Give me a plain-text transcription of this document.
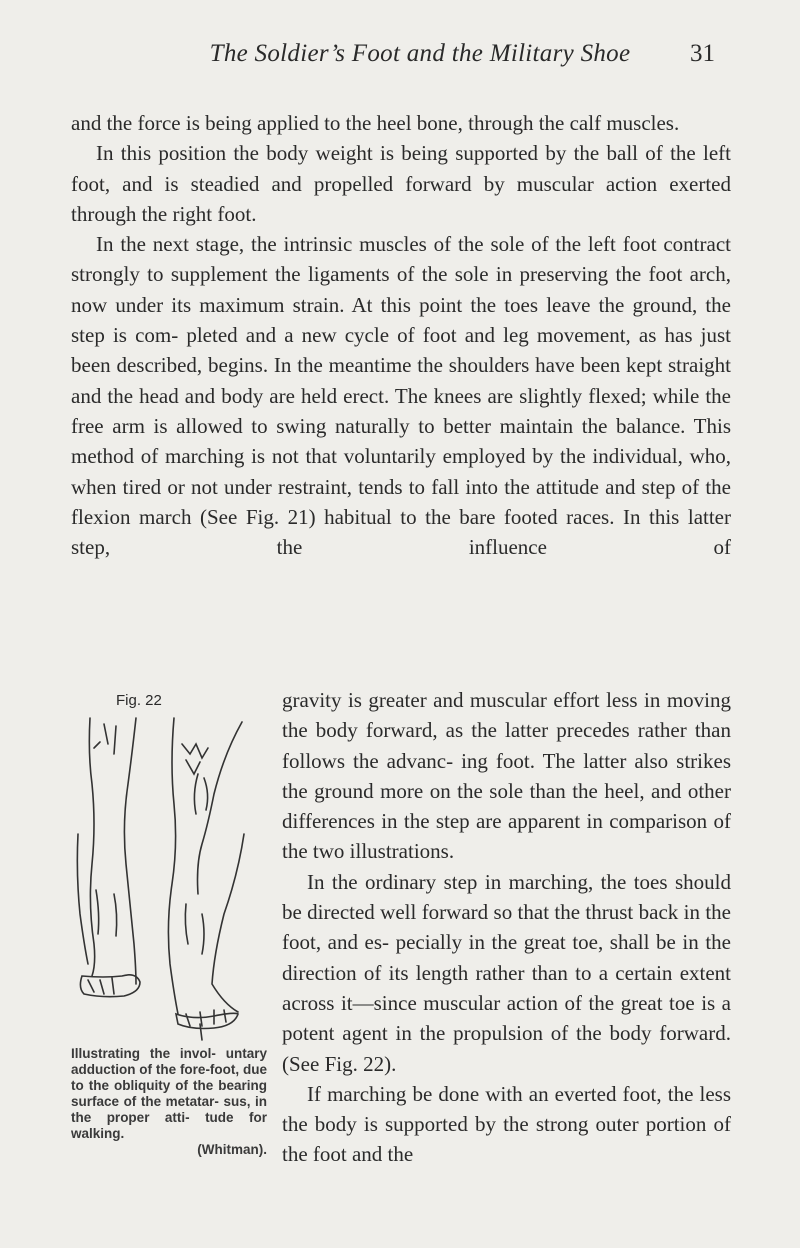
The Soldier’s Foot and the Military Shoe	31

and the force is being applied to the heel bone, through the calf muscles.

In this position the body weight is being supported by the ball of the left foot, and is steadied and propelled forward by muscular action exerted through the right foot.

In the next stage, the intrinsic muscles of the sole of the left foot contract strongly to supplement the ligaments of the sole in preserving the foot arch, now under its maximum strain. At this point the toes leave the ground, the step is com- pleted and a new cycle of foot and leg movement, as has just been described, begins. In the meantime the shoulders have been kept straight and the head and body are held erect. The knees are slightly flexed; while the free arm is allowed to swing naturally to better maintain the balance. This method of marching is not that voluntarily employed by the individual, who, when tired or not under restraint, tends to fall into the attitude and step of the flexion march (See Fig. 21) habitual to the bare footed races. In this latter step, the influence of

Fig. 22
Illustrating the invol- untary adduction of the fore-foot, due to the obliquity of the bearing surface of the metatar- sus, in the proper atti- tude for walking.
(Whitman).

gravity is greater and muscular effort less in moving the body forward, as the latter precedes rather than follows the advanc- ing foot. The latter also strikes the ground more on the sole than the heel, and other differences in the step are apparent in comparison of the two illustrations.

In the ordinary step in marching, the toes should be directed well forward so that the thrust back in the foot, and es- pecially in the great toe, shall be in the direction of its length rather than to a certain extent across it—since muscular action of the great toe is a potent agent in the propulsion of the body forward. (See Fig. 22).

If marching be done with an everted foot, the less the body is supported by the strong outer portion of the foot and the
